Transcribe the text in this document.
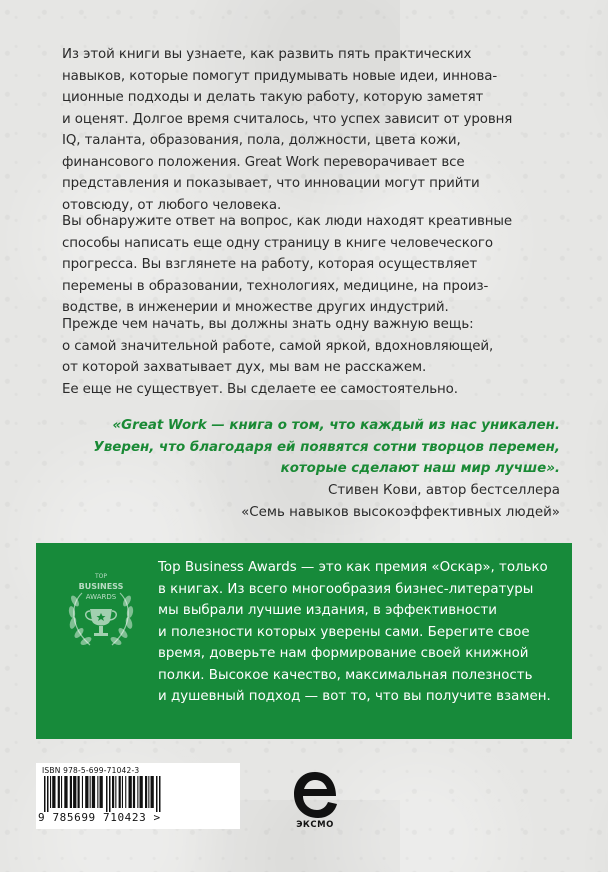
Из этой книги вы узнаете, как развить пять практических
навыков, которые помогут придумывать новые идеи, иннова-
ционные подходы и делать такую работу, которую заметят
и оценят. Долгое время считалось, что успех зависит от уровня
IQ, таланта, образования, пола, должности, цвета кожи,
финансового положения. Great Work переворачивает все
представления и показывает, что инновации могут прийти
отовсюду, от любого человека.
Вы обнаружите ответ на вопрос, как люди находят креативные
способы написать еще одну страницу в книге человеческого
прогресса. Вы взглянете на работу, которая осуществляет
перемены в образовании, технологиях, медицине, на произ-
водстве, в инженерии и множестве других индустрий.
Прежде чем начать, вы должны знать одну важную вещь:
о самой значительной работе, самой яркой, вдохновляющей,
от которой захватывает дух, мы вам не расскажем.
Ее еще не существует. Вы сделаете ее самостоятельно.
«Great Work — книга о том, что каждый из нас уникален.
Уверен, что благодаря ей появятся сотни творцов перемен,
которые сделают наш мир лучше».
Стивен Кови, автор бестселлера
«Семь навыков высокоэффективных людей»
TOP
BUSINESS
AWARDS
Top Business Awards — это как премия «Оскар», только
в книгах. Из всего многообразия бизнес-литературы
мы выбрали лучшие издания, в эффективности
и полезности которых уверены сами. Берегите свое
время, доверьте нам формирование своей книжной
полки. Высокое качество, максимальная полезность
и душевный подход — вот то, что вы получите взамен.
ISBN 978-5-699-71042-3
9 785699 710423 >
ЭКСМО
